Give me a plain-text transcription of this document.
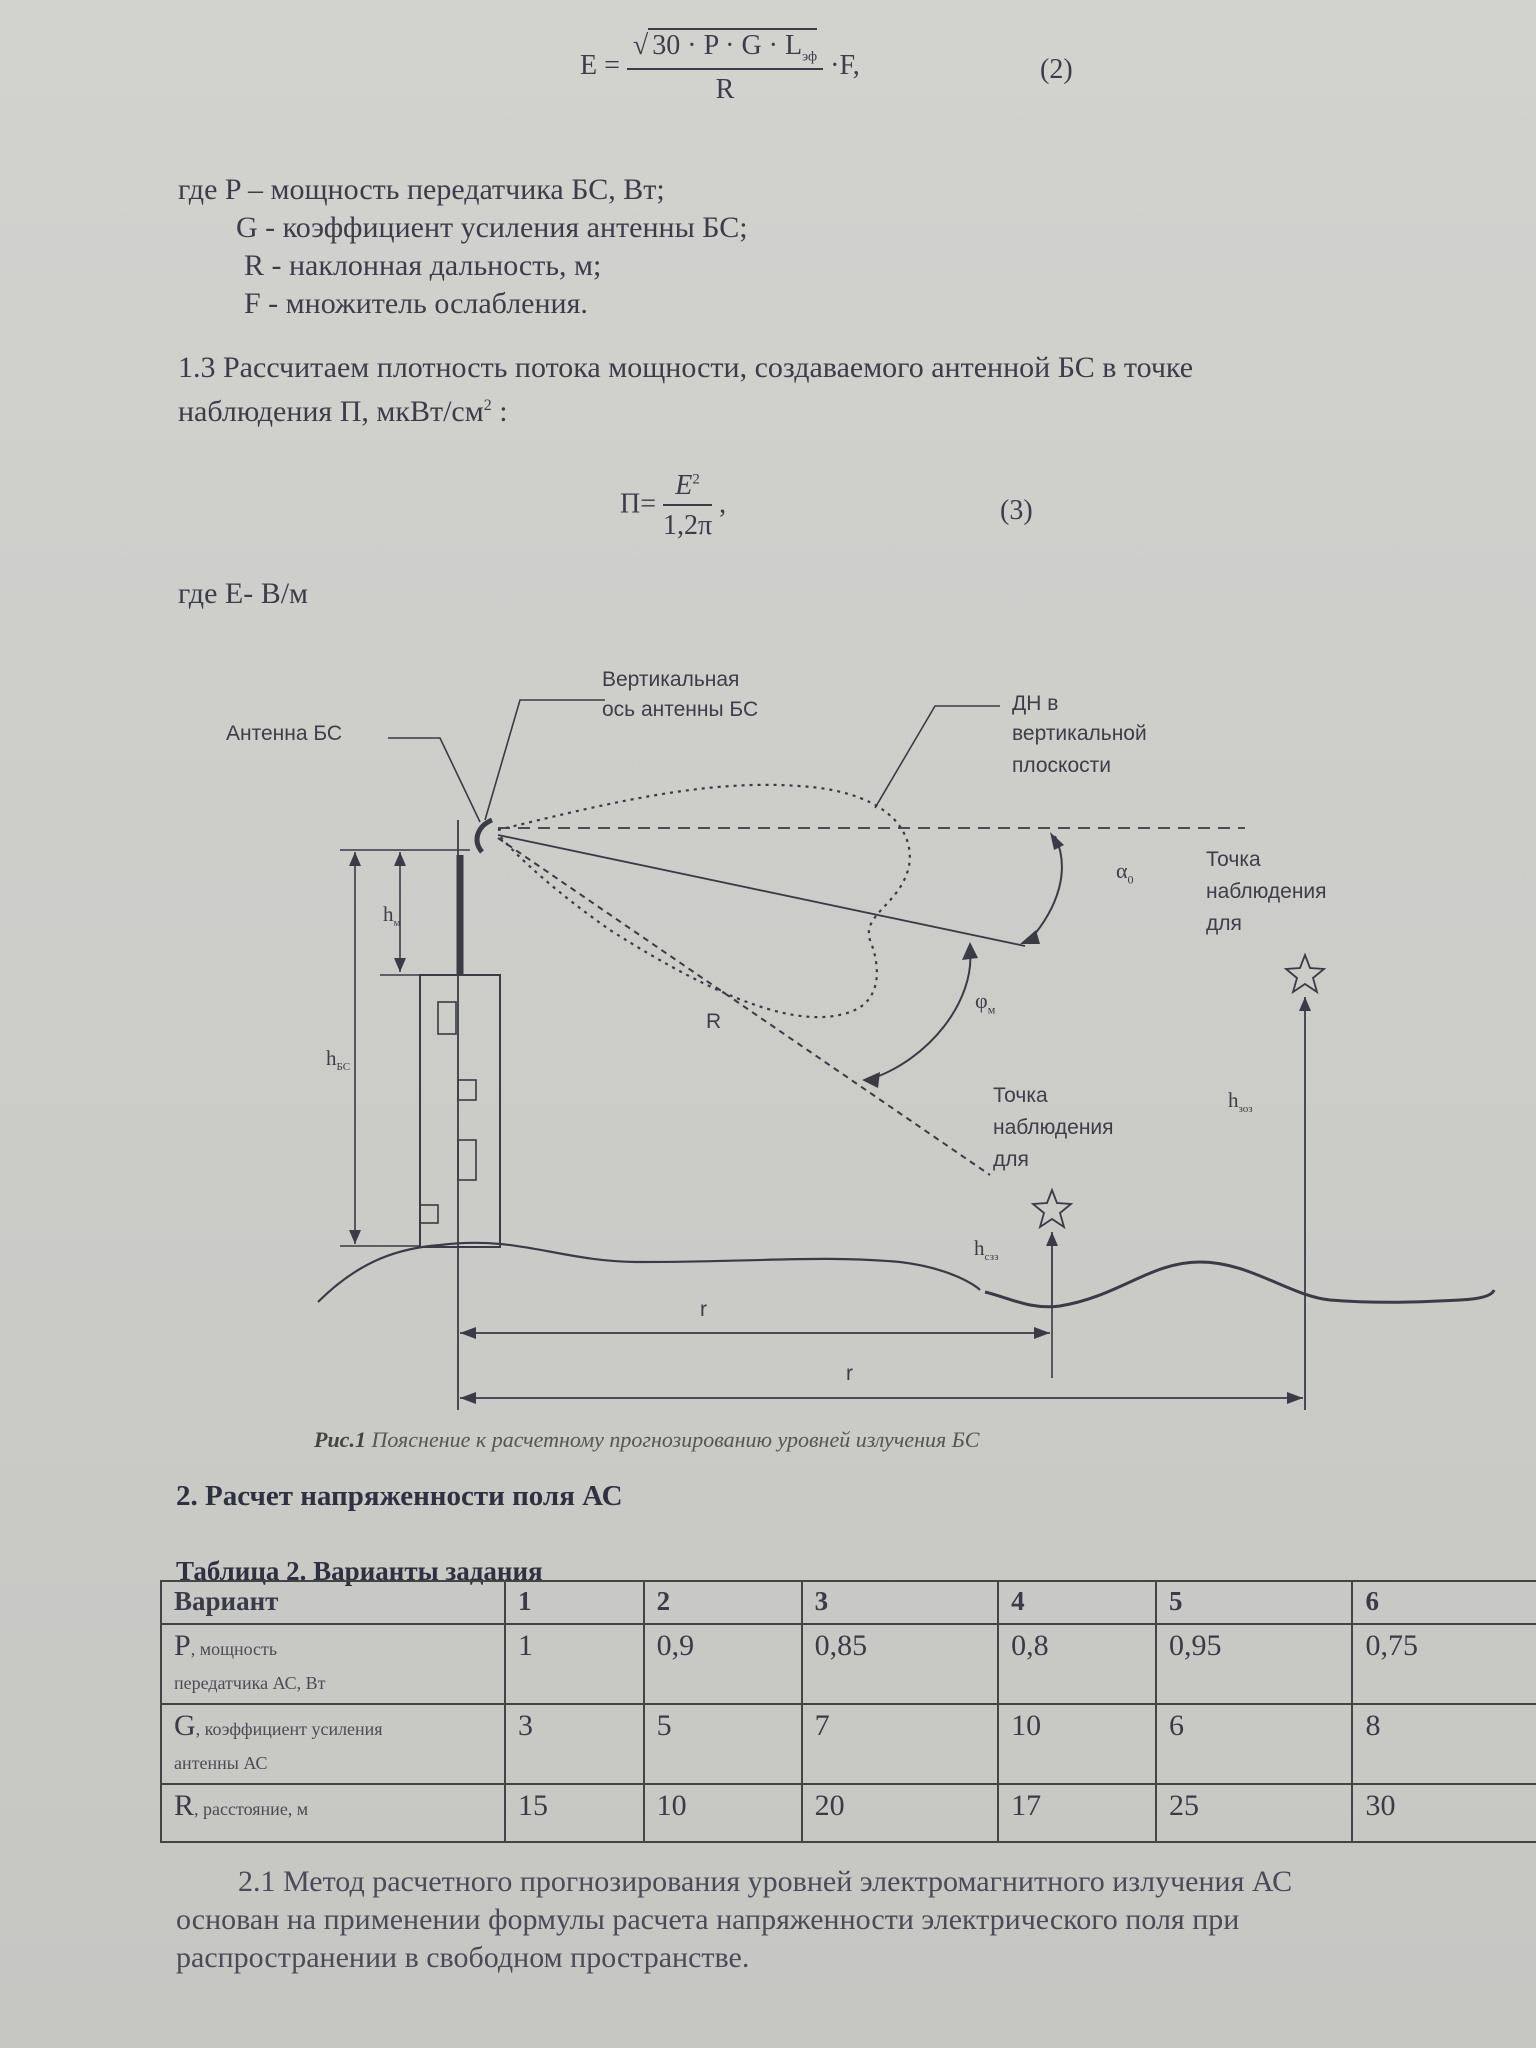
$E = \frac{√ 30 \cdot P \cdot G \cdot L_{эф}}{R} \cdot F$,	(2)
где P – мощность передатчика БС, Вт;
G - коэффициент усиления антенны БС;
R - наклонная дальность, м;
F - множитель ослабления.
1.3 Рассчитаем плотность потока мощности, создаваемого антенной БС в точке
наблюдения П, мкВт/$см^2$ :
$П= \frac{E^2}{1,2\pi}$ ,	(3)
где E- В/м
Вертикальная
ось антенны БС
Антенна БС
ДН в
вертикальной
плоскости
$\alpha_0$
Точка
наблюдения
для
$h_м$
$\varphi_м$
R
$h_{БС}$
Точка
наблюдения
для
$h_{зоз}$
$h_{сзз}$
r
r
Рис.1 Пояснение к расчетному прогнозированию уровней излучения БС
2. Расчет напряженности поля АС
Таблица 2. Варианты задания
Вариант	1	2	3	4	5	6
P, мощность
передатчика АС, Вт	1	0,9	0,85	0,8	0,95	0,75
G, коэффициент усиления
антенны АС	3	5	7	10	6	8
R, расстояние, м	15	10	20	17	25	30
2.1 Метод расчетного прогнозирования уровней электромагнитного излучения АС
основан на применении формулы расчета напряженности электрического поля при
распространении в свободном пространстве.
